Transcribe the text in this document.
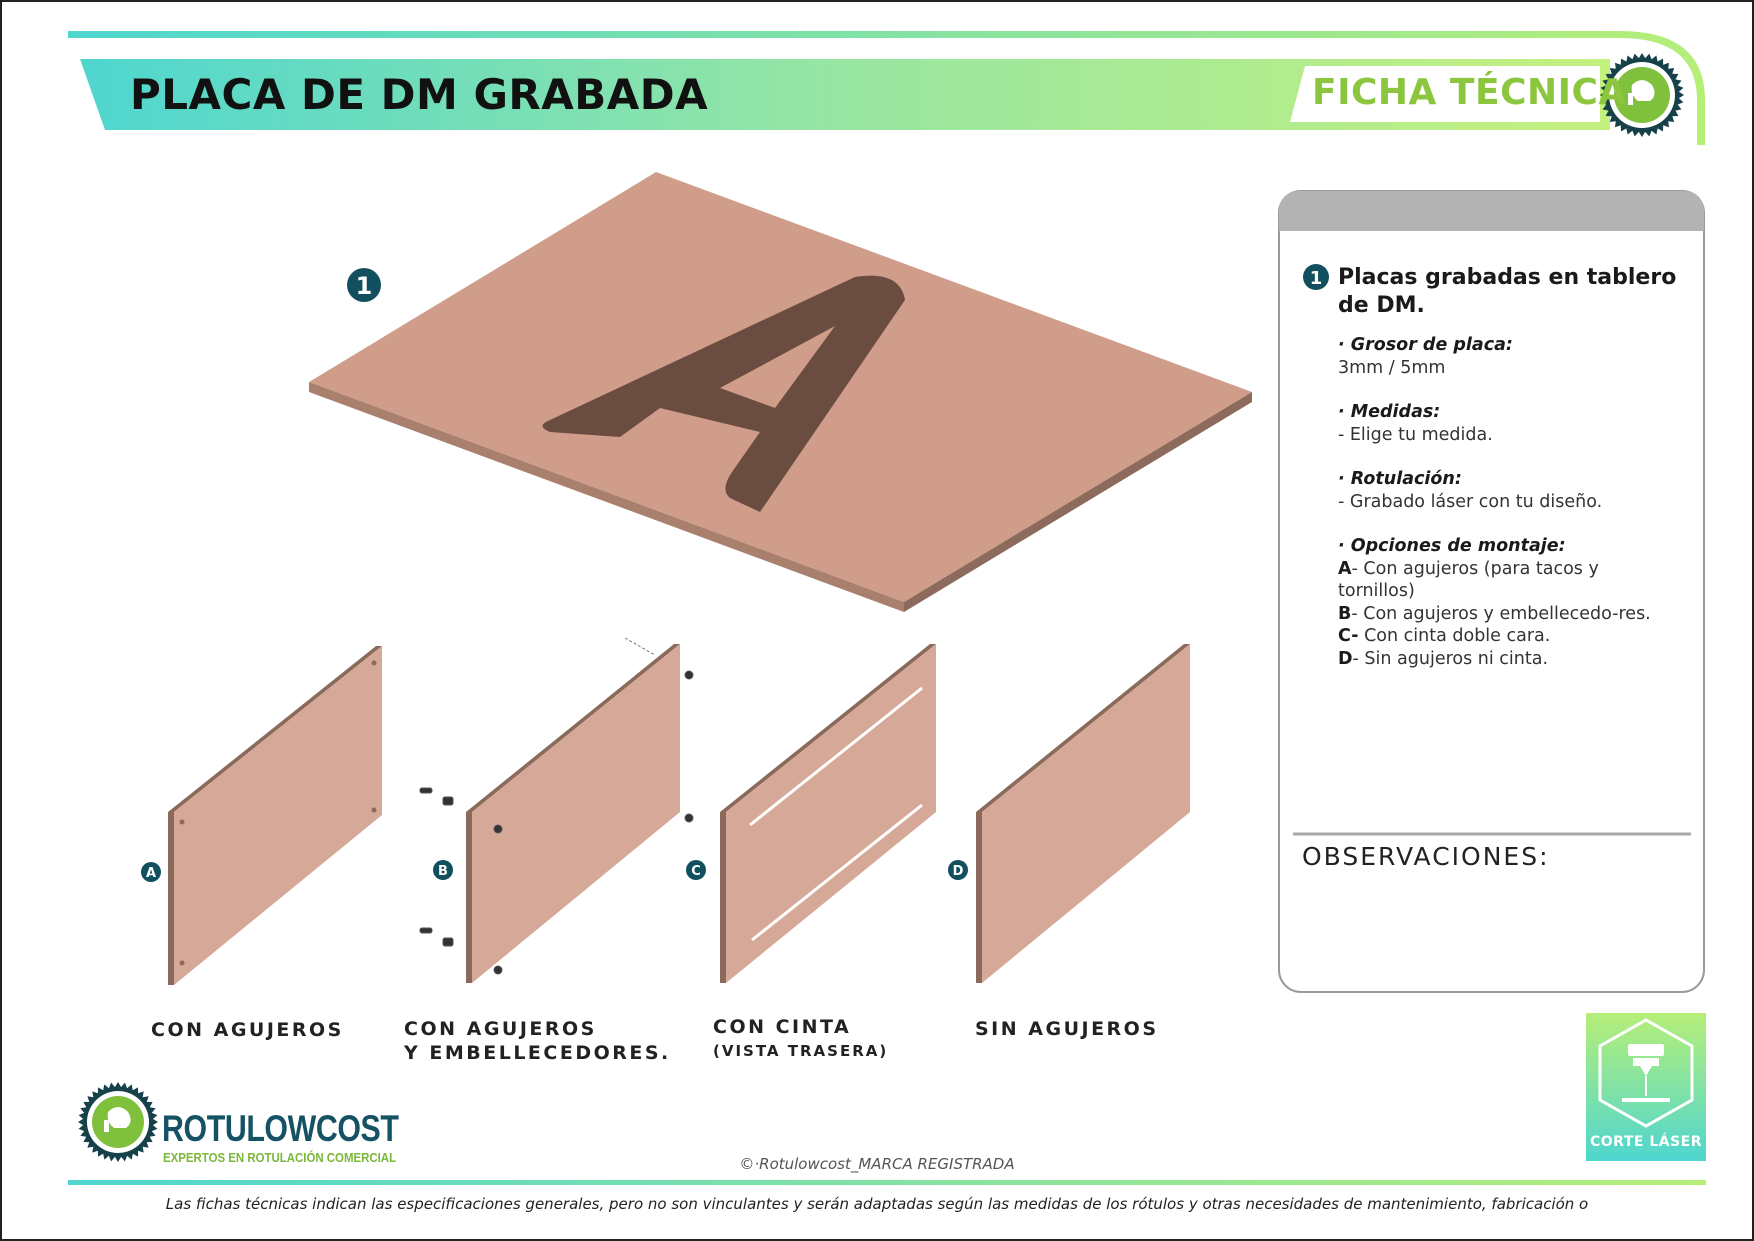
1
A	B	C	D
1
PLACA DE DM GRABADA	FICHA TÉCNICA
Placas grabadas en tablero de DM.
· Grosor de placa:
3mm / 5mm
· Medidas:
- Elige tu medida.
· Rotulación:
- Grabado láser con tu diseño.
· Opciones de montaje:
A- Con agujeros (para tacos y tornillos)
B- Con agujeros y embellecedo-res.
C- Con cinta doble cara.
D- Sin agujeros ni cinta.
OBSERVACIONES:
CON AGUJEROS	CON AGUJEROS
Y EMBELLECEDORES.
CON CINTA
(VISTA TRASERA)
SIN AGUJEROS
ROTULOWCOST
EXPERTOS EN ROTULACIÓN COMERCIAL	©·Rotulowcost_MARCA REGISTRADA
Las fichas técnicas indican las especificaciones generales, pero no son vinculantes y serán adaptadas según las medidas de los rótulos y otras necesidades de mantenimiento, fabricación o
CORTE LÁSER
